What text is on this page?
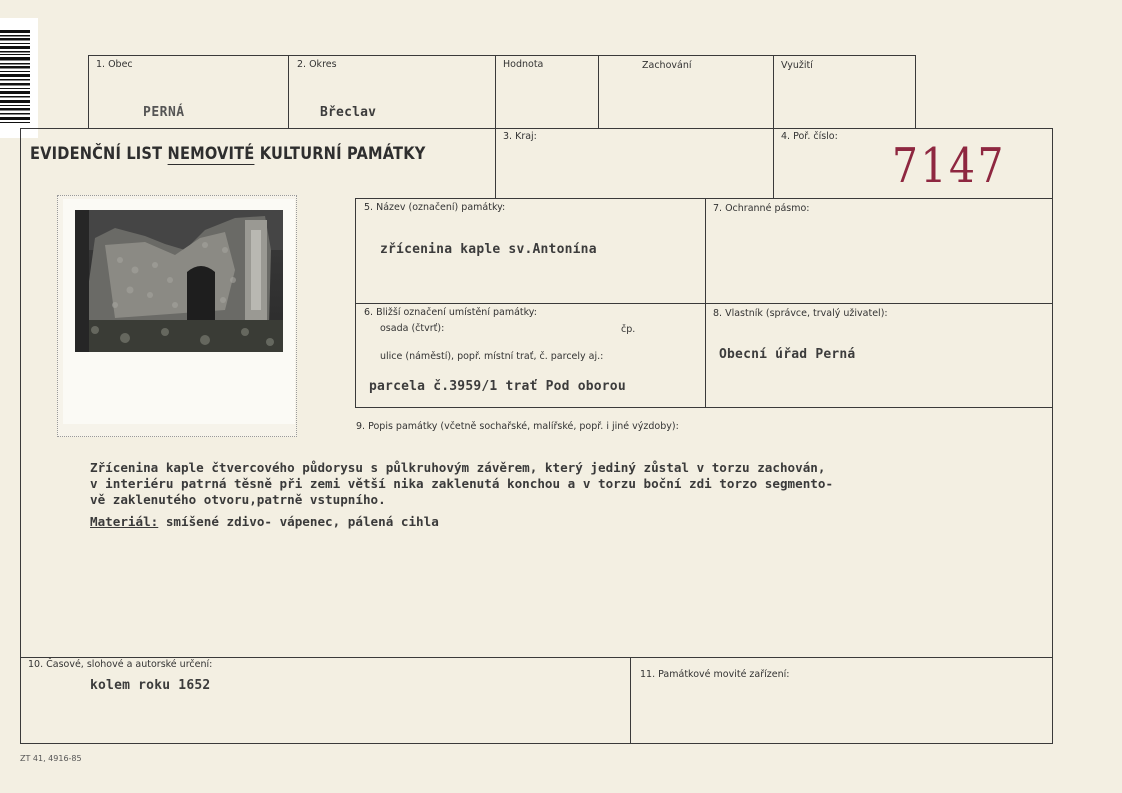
1. Obec
PERNÁ
2. Okres
Břeclav
Hodnota	Zachování	Využití
EVIDENČNÍ LIST NEMOVITÉ KULTURNÍ PAMÁTKY
3. Kraj:	4. Poř. číslo:
7147
5. Název (označení) památky:
zřícenina kaple sv.Antonína
7. Ochranné pásmo:
6. Bližší označení umístění památky:
osada (čtvrť):	čp.
ulice (náměstí), popř. místní trať, č. parcely aj.:
parcela č.3959/1 trať Pod oborou
8. Vlastník (správce, trvalý uživatel):
Obecní úřad Perná
9. Popis památky (včetně sochařské, malířské, popř. i jiné výzdoby):
Zřícenina kaple čtvercového půdorysu s půlkruhovým závěrem, který jediný zůstal v torzu zachován,
v interiéru patrná těsně při zemi větší nika zaklenutá konchou a v torzu boční zdi torzo segmento-
vě zaklenutého otvoru,patrně vstupního.
Materiál: smíšené zdivo- vápenec, pálená cihla
10. Časové, slohové a autorské určení:
kolem roku 1652
11. Památkové movité zařízení:
ZT 41, 4916-85
